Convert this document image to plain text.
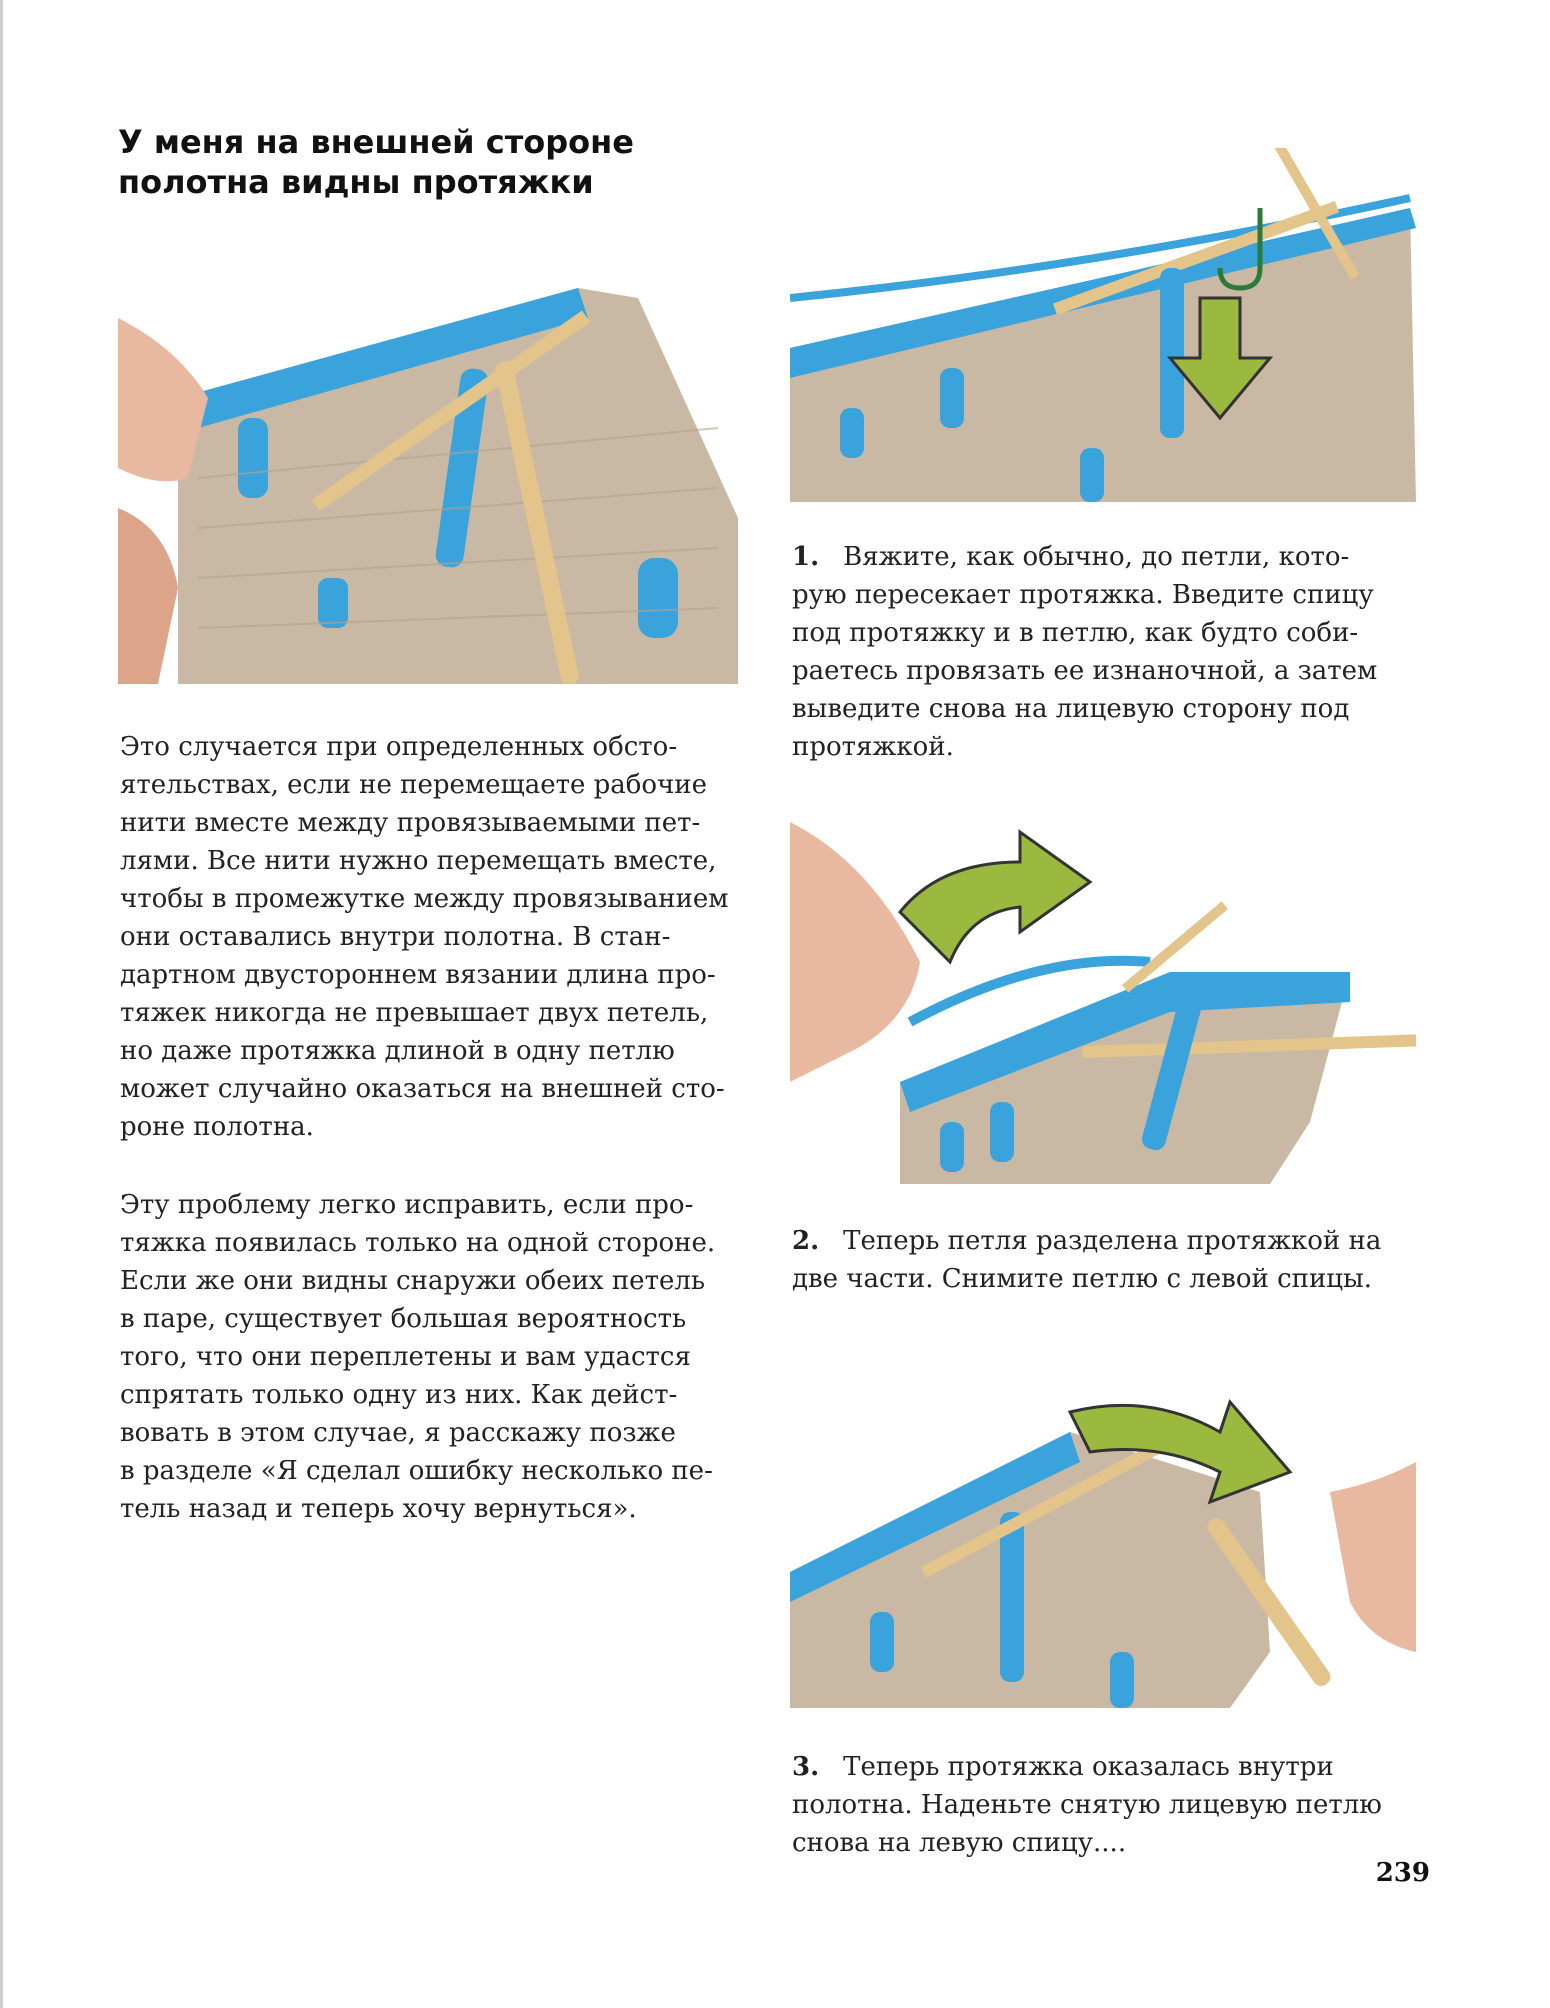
У меня на внешней стороне
полотна видны протяжки
1. Вяжите, как обычно, до петли, кото-
рую пересекает протяжка. Введите спицу
под протяжку и в петлю, как будто соби-
раетесь провязать ее изнаночной, а затем
выведите снова на лицевую сторону под
протяжкой.
Это случается при определенных обсто-
ятельствах, если не перемещаете рабочие
нити вместе между провязываемыми пет-
лями. Все нити нужно перемещать вместе,
чтобы в промежутке между провязыванием
они оставались внутри полотна. В стан-
дартном двустороннем вязании длина про-
тяжек никогда не превышает двух петель,
но даже протяжка длиной в одну петлю
может случайно оказаться на внешней сто-
роне полотна.
2. Теперь петля разделена протяжкой на
две части. Снимите петлю с левой спицы.
Эту проблему легко исправить, если про-
тяжка появилась только на одной стороне.
Если же они видны снаружи обеих петель
в паре, существует большая вероятность
того, что они переплетены и вам удастся
спрятать только одну из них. Как дейст-
вовать в этом случае, я расскажу позже
в разделе «Я сделал ошибку несколько пе-
тель назад и теперь хочу вернуться».
3. Теперь протяжка оказалась внутри
полотна. Наденьте снятую лицевую петлю
снова на левую спицу....
239
